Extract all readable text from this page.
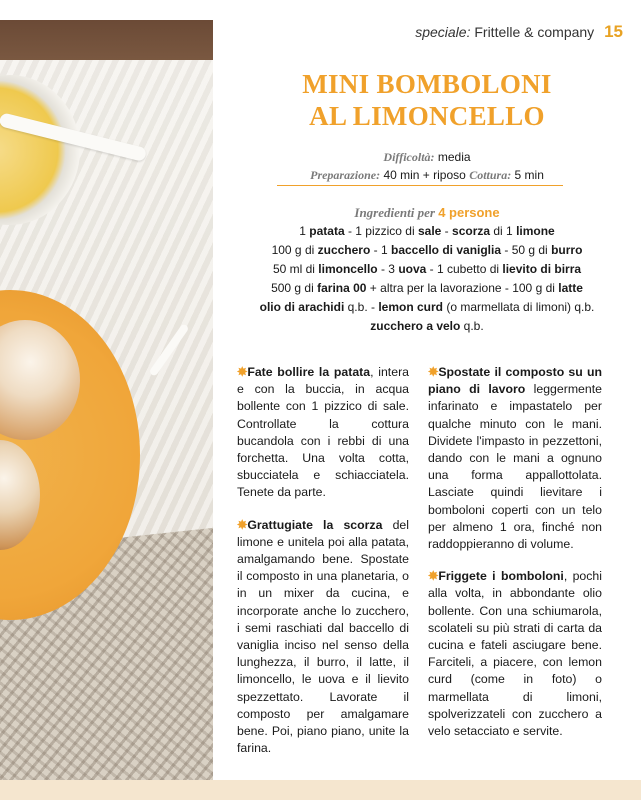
speciale: Frittelle & company 15
MINI BOMBOLONI
AL LIMONCELLO
Difficoltà: media
Preparazione: 40 min + riposo Cottura: 5 min
Ingredienti per 4 persone
1 patata - 1 pizzico di sale - scorza di 1 limone
100 g di zucchero - 1 baccello di vaniglia - 50 g di burro
50 ml di limoncello - 3 uova - 1 cubetto di lievito di birra
500 g di farina 00 + altra per la lavorazione - 100 g di latte
olio di arachidi q.b. - lemon curd (o marmellata di limoni) q.b.
zucchero a velo q.b.

✸Fate bollire la patata, intera e con la buccia, in acqua bollente con 1 pizzico di sale. Controllate la cottura bucandola con i rebbi di una forchetta. Una volta cotta, sbucciatela e schiacciatela. Tenete da parte.

✸Grattugiate la scorza del limone e unitela poi alla patata, amalgamando bene. Spostate il composto in una planetaria, o in un mixer da cucina, e incorporate anche lo zucchero, i semi raschiati dal baccello di vaniglia inciso nel senso della lunghezza, il burro, il latte, il limoncello, le uova e il lievito spezzettato. Lavorate il composto per amalgamare bene. Poi, piano piano, unite la farina.

✸Spostate il composto su un piano di lavoro leggermente infarinato e impastatelo per qualche minuto con le mani. Dividete l'impasto in pezzettoni, dando con le mani a ognuno una forma appallottolata. Lasciate quindi lievitare i bomboloni coperti con un telo per almeno 1 ora, finché non raddoppieranno di volume.

✸Friggete i bomboloni, pochi alla volta, in abbondante olio bollente. Con una schiumarola, scolateli su più strati di carta da cucina e fateli asciugare bene. Farciteli, a piacere, con lemon curd (come in foto) o marmellata di limoni, spolverizzateli con zucchero a velo setacciato e servite.
